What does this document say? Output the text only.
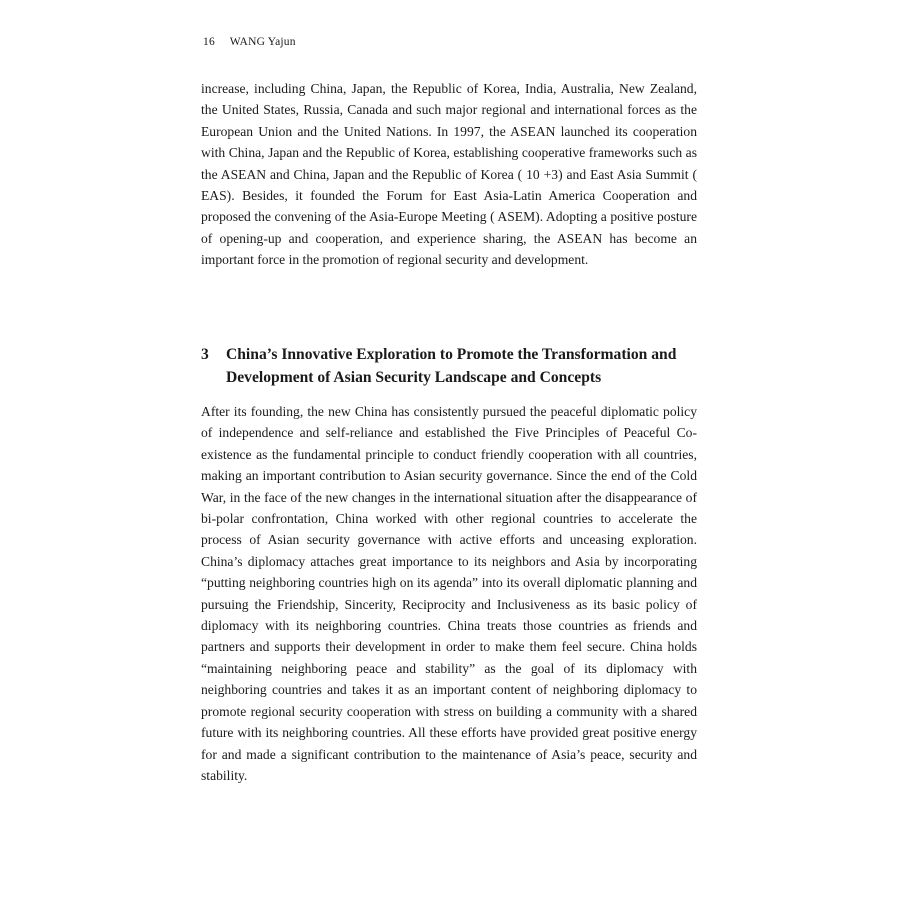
16 WANG Yajun

increase, including China, Japan, the Republic of Korea, India, Australia, New Zealand, the United States, Russia, Canada and such major regional and international forces as the European Union and the United Nations. In 1997, the ASEAN launched its cooperation with China, Japan and the Republic of Korea, establishing cooperative frameworks such as the ASEAN and China, Japan and the Republic of Korea ( 10 +3) and East Asia Summit ( EAS). Besides, it founded the Forum for East Asia-Latin America Cooperation and proposed the convening of the Asia-Europe Meeting ( ASEM). Adopting a positive posture of opening-up and cooperation, and experience sharing, the ASEAN has become an important force in the promotion of regional security and development.

3	China’s Innovative Exploration to Promote the Transformation and Development of Asian Security Landscape and Concepts

After its founding, the new China has consistently pursued the peaceful diplomatic policy of independence and self-reliance and established the Five Principles of Peaceful Co-existence as the fundamental principle to conduct friendly cooperation with all countries, making an important contribution to Asian security governance. Since the end of the Cold War, in the face of the new changes in the international situation after the disappearance of bi-polar confrontation, China worked with other regional countries to accelerate the process of Asian security governance with active efforts and unceasing exploration. China’s diplomacy attaches great importance to its neighbors and Asia by incorporating “putting neighboring countries high on its agenda” into its overall diplomatic planning and pursuing the Friendship, Sincerity, Reciprocity and Inclusiveness as its basic policy of diplomacy with its neighboring countries. China treats those countries as friends and partners and supports their development in order to make them feel secure. China holds “maintaining neighboring peace and stability” as the goal of its diplomacy with neighboring countries and takes it as an important content of neighboring diplomacy to promote regional security cooperation with stress on building a community with a shared future with its neighboring countries. All these efforts have provided great positive energy for and made a significant contribution to the maintenance of Asia’s peace, security and stability.
